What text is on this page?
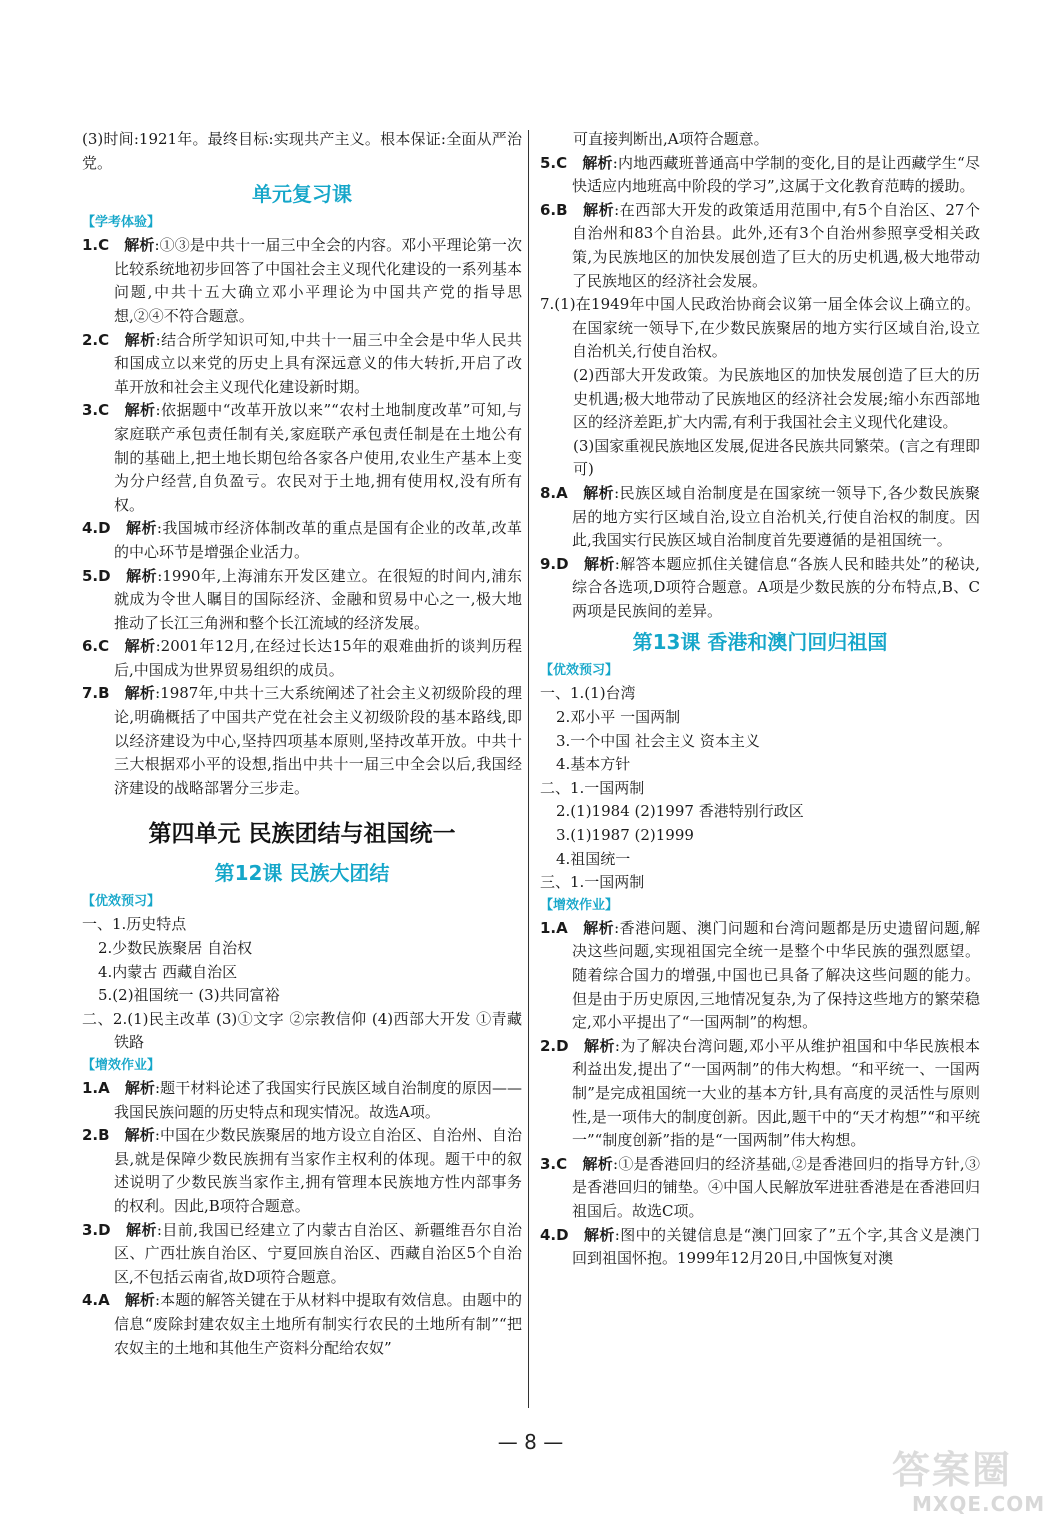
(3)时间:1921年。最终目标:实现共产主义。根本保证:全面从严治党。

单元复习课
【学考体验】

1.C  解析:①③是中共十一届三中全会的内容。邓小平理论第一次比较系统地初步回答了中国社会主义现代化建设的一系列基本问题,中共十五大确立邓小平理论为中国共产党的指导思想,②④不符合题意。

2.C  解析:结合所学知识可知,中共十一届三中全会是中华人民共和国成立以来党的历史上具有深远意义的伟大转折,开启了改革开放和社会主义现代化建设新时期。

3.C  解析:依据题中“改革开放以来”“农村土地制度改革”可知,与家庭联产承包责任制有关,家庭联产承包责任制是在土地公有制的基础上,把土地长期包给各家各户使用,农业生产基本上变为分户经营,自负盈亏。农民对于土地,拥有使用权,没有所有权。

4.D  解析:我国城市经济体制改革的重点是国有企业的改革,改革的中心环节是增强企业活力。

5.D  解析:1990年,上海浦东开发区建立。在很短的时间内,浦东就成为令世人瞩目的国际经济、金融和贸易中心之一,极大地推动了长江三角洲和整个长江流域的经济发展。

6.C  解析:2001年12月,在经过长达15年的艰难曲折的谈判历程后,中国成为世界贸易组织的成员。

7.B  解析:1987年,中共十三大系统阐述了社会主义初级阶段的理论,明确概括了中国共产党在社会主义初级阶段的基本路线,即以经济建设为中心,坚持四项基本原则,坚持改革开放。中共十三大根据邓小平的设想,指出中共十一届三中全会以后,我国经济建设的战略部署分三步走。

第四单元 民族团结与祖国统一
第12课 民族大团结
【优效预习】

一、1.历史特点

2.少数民族聚居 自治权

4.内蒙古 西藏自治区

5.(2)祖国统一 (3)共同富裕

二、2.(1)民主改革 (3)①文字 ②宗教信仰 (4)西部大开发 ①青藏铁路

【增效作业】

1.A  解析:题干材料论述了我国实行民族区域自治制度的原因——我国民族问题的历史特点和现实情况。故选A项。

2.B  解析:中国在少数民族聚居的地方设立自治区、自治州、自治县,就是保障少数民族拥有当家作主权利的体现。题干中的叙述说明了少数民族当家作主,拥有管理本民族地方性内部事务的权利。因此,B项符合题意。

3.D  解析:目前,我国已经建立了内蒙古自治区、新疆维吾尔自治区、广西壮族自治区、宁夏回族自治区、西藏自治区5个自治区,不包括云南省,故D项符合题意。

4.A  解析:本题的解答关键在于从材料中提取有效信息。由题中的信息“废除封建农奴主土地所有制实行农民的土地所有制”“把农奴主的土地和其他生产资料分配给农奴”

可直接判断出,A项符合题意。

5.C  解析:内地西藏班普通高中学制的变化,目的是让西藏学生“尽快适应内地班高中阶段的学习”,这属于文化教育范畴的援助。

6.B  解析:在西部大开发的政策适用范围中,有5个自治区、27个自治州和83个自治县。此外,还有3个自治州参照享受相关政策,为民族地区的加快发展创造了巨大的历史机遇,极大地带动了民族地区的经济社会发展。

7.(1)在1949年中国人民政治协商会议第一届全体会议上确立的。在国家统一领导下,在少数民族聚居的地方实行区域自治,设立自治机关,行使自治权。

(2)西部大开发政策。为民族地区的加快发展创造了巨大的历史机遇;极大地带动了民族地区的经济社会发展;缩小东西部地区的经济差距,扩大内需,有利于我国社会主义现代化建设。

(3)国家重视民族地区发展,促进各民族共同繁荣。(言之有理即可)

8.A  解析:民族区域自治制度是在国家统一领导下,各少数民族聚居的地方实行区域自治,设立自治机关,行使自治权的制度。因此,我国实行民族区域自治制度首先要遵循的是祖国统一。

9.D  解析:解答本题应抓住关键信息“各族人民和睦共处”的秘诀,综合各选项,D项符合题意。A项是少数民族的分布特点,B、C两项是民族间的差异。

第13课 香港和澳门回归祖国
【优效预习】

一、1.(1)台湾

2.邓小平 一国两制

3.一个中国 社会主义 资本主义

4.基本方针

二、1.一国两制

2.(1)1984 (2)1997 香港特别行政区

3.(1)1987 (2)1999

4.祖国统一

三、1.一国两制

【增效作业】

1.A  解析:香港问题、澳门问题和台湾问题都是历史遗留问题,解决这些问题,实现祖国完全统一是整个中华民族的强烈愿望。随着综合国力的增强,中国也已具备了解决这些问题的能力。但是由于历史原因,三地情况复杂,为了保持这些地方的繁荣稳定,邓小平提出了“一国两制”的构想。

2.D  解析:为了解决台湾问题,邓小平从维护祖国和中华民族根本利益出发,提出了“一国两制”的伟大构想。“和平统一、一国两制”是完成祖国统一大业的基本方针,具有高度的灵活性与原则性,是一项伟大的制度创新。因此,题干中的“天才构想”“和平统一”“制度创新”指的是“一国两制”伟大构想。

3.C  解析:①是香港回归的经济基础,②是香港回归的指导方针,③是香港回归的铺垫。④中国人民解放军进驻香港是在香港回归祖国后。故选C项。

4.D  解析:图中的关键信息是“澳门回家了”五个字,其含义是澳门回到祖国怀抱。1999年12月20日,中国恢复对澳

— 8 —
答案圈
MXQE.COM
